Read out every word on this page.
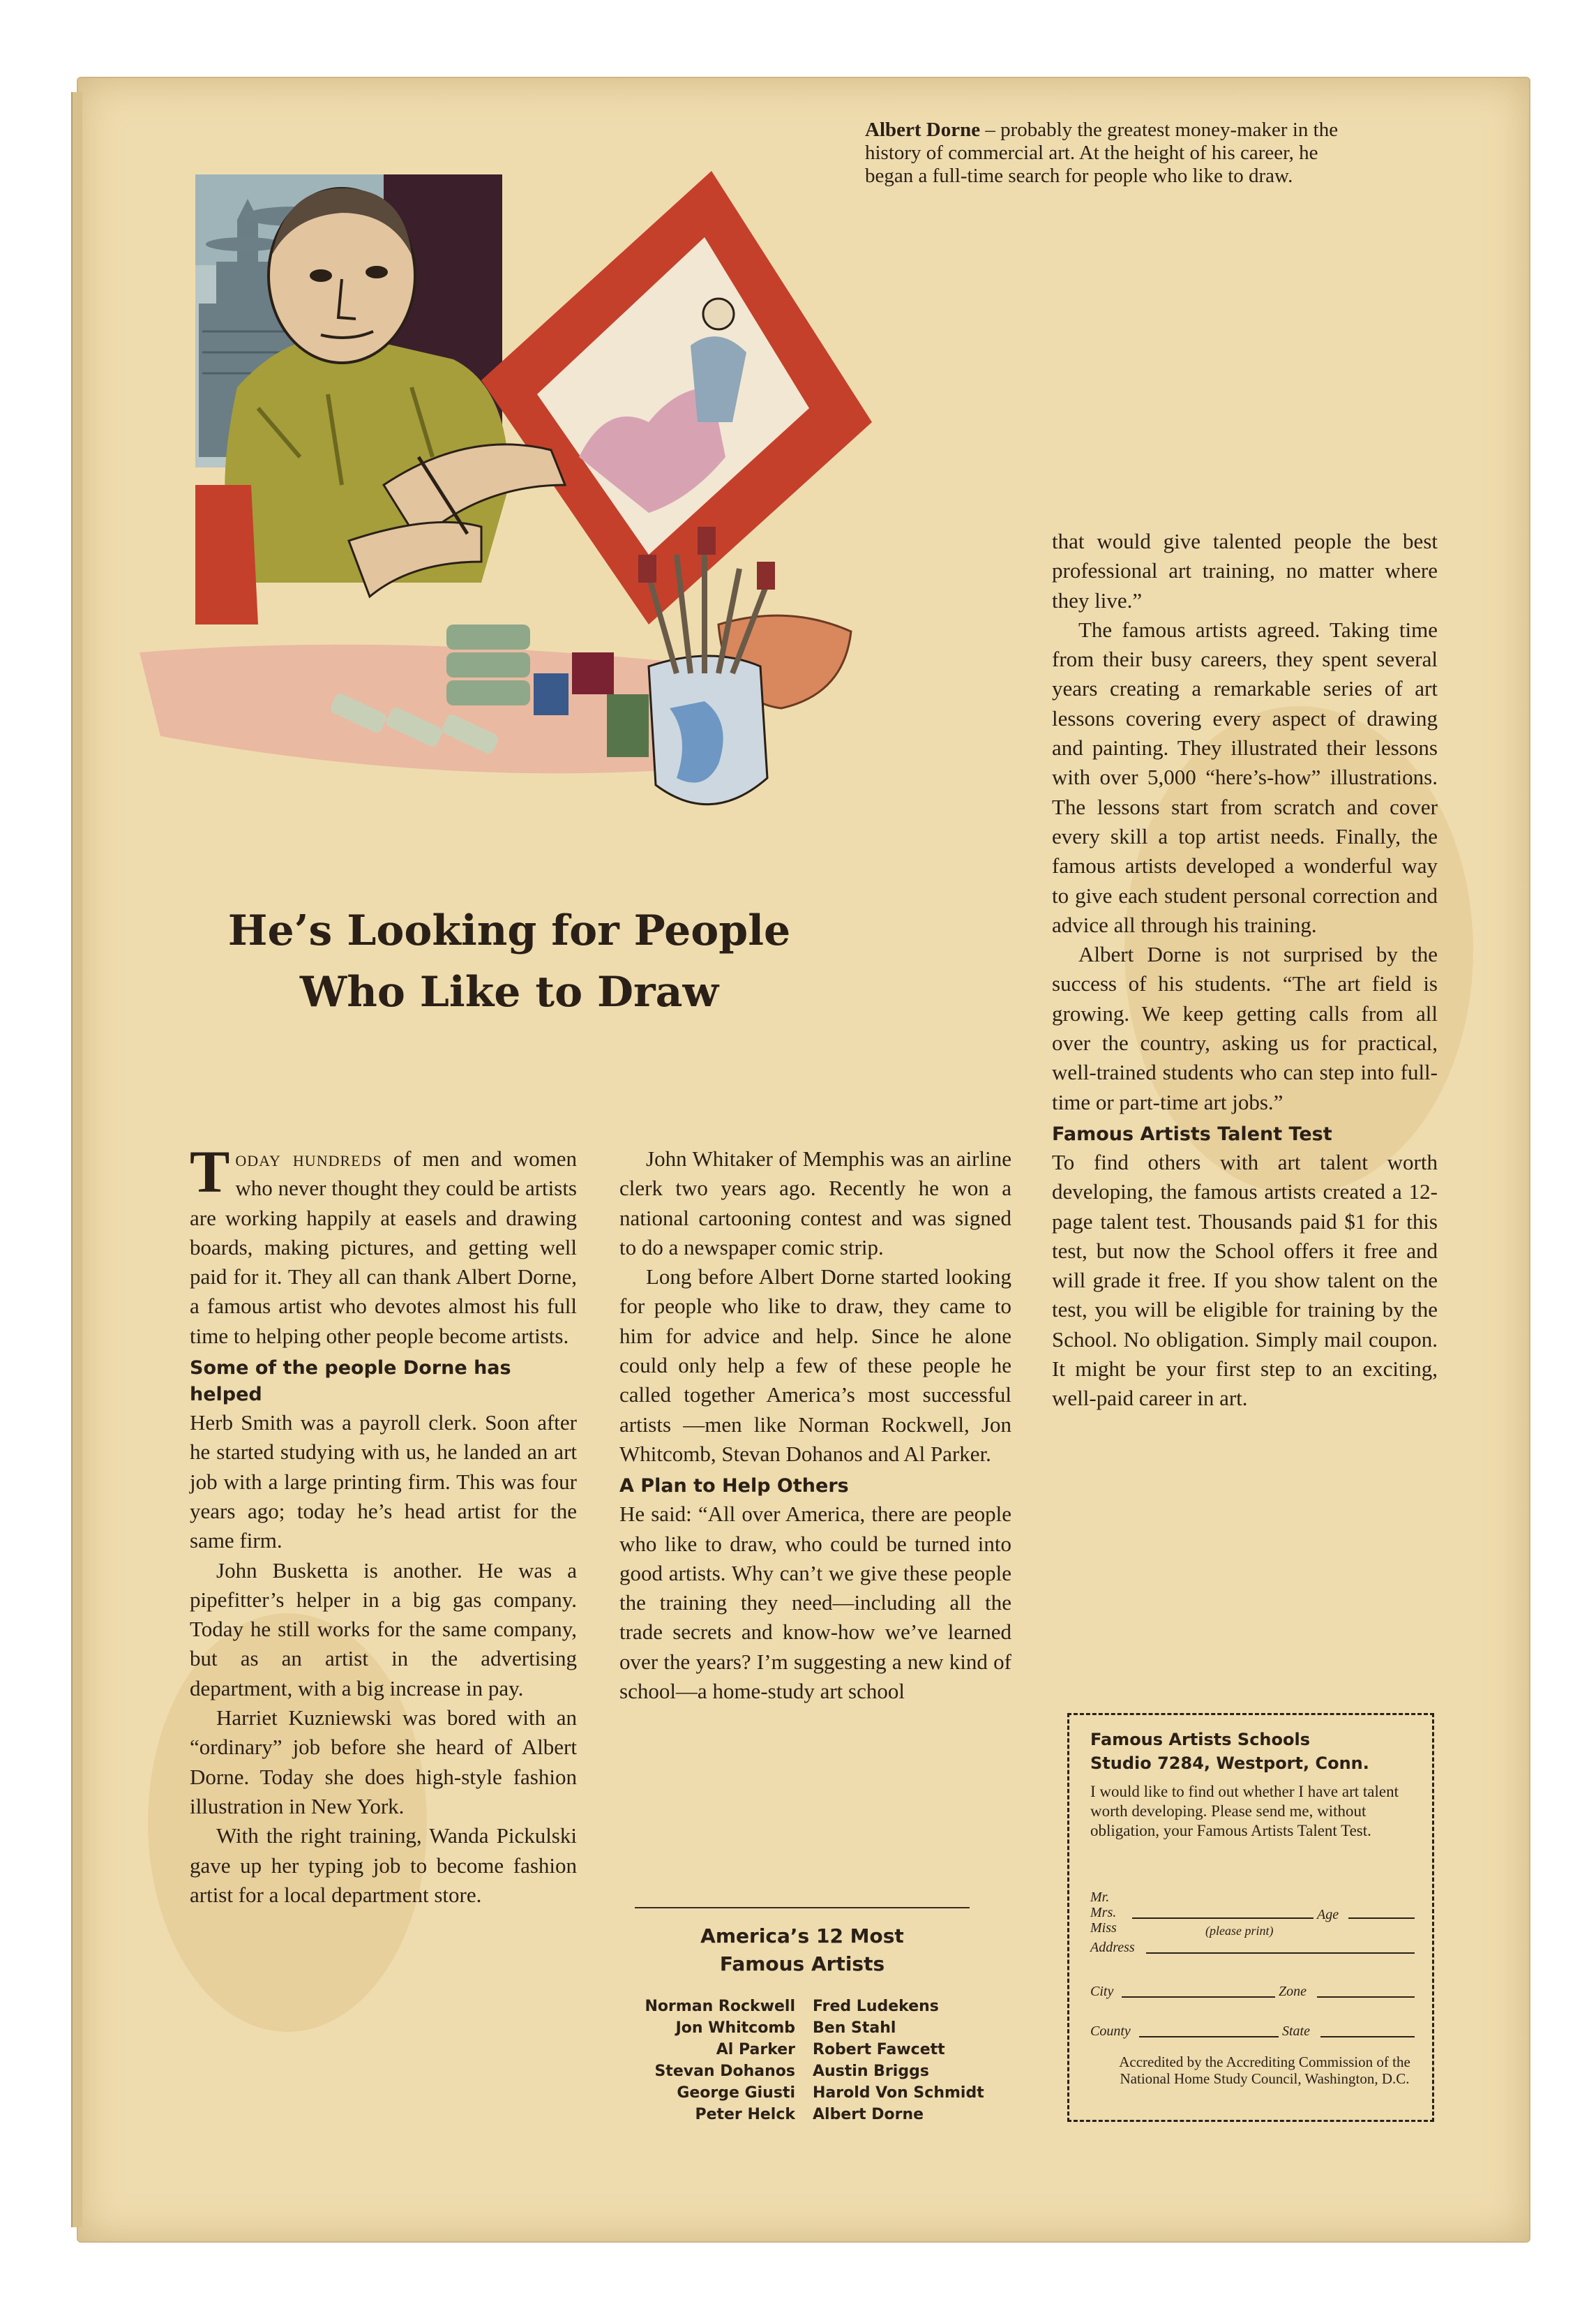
Albert Dorne – probably the greatest money-maker in the history of commercial art. At the height of his career, he began a full-time search for people who like to draw.
He’s Looking for People
Who Like to Draw

Today hundreds of men and women who never thought they could be artists are working happily at easels and drawing boards, making pictures, and getting well paid for it. They all can thank Albert Dorne, a famous artist who devotes almost his full time to helping other people become artists.

Some of the people Dorne has helped

Herb Smith was a payroll clerk. Soon after he started studying with us, he landed an art job with a large printing firm. This was four years ago; today he’s head artist for the same firm.

John Busketta is another. He was a pipefitter’s helper in a big gas company. Today he still works for the same company, but as an artist in the advertising department, with a big increase in pay.

Harriet Kuzniewski was bored with an “ordinary” job before she heard of Albert Dorne. Today she does high-style fashion illustration in New York.

With the right training, Wanda Pickulski gave up her typing job to become fashion artist for a local department store.

John Whitaker of Memphis was an airline clerk two years ago. Recently he won a national cartooning contest and was signed to do a newspaper comic strip.

Long before Albert Dorne started looking for people who like to draw, they came to him for advice and help. Since he alone could only help a few of these people he called together America’s most successful artists —men like Norman Rockwell, Jon Whitcomb, Stevan Dohanos and Al Parker.

A Plan to Help Others

He said: “All over America, there are people who like to draw, who could be turned into good artists. Why can’t we give these people the training they need—including all the trade secrets and know-how we’ve learned over the years? I’m suggesting a new kind of school—a home-study art school

America’s 12 Most
Famous Artists
Norman Rockwell
Jon Whitcomb
Al Parker
Stevan Dohanos
George Giusti
Peter Helck
Fred Ludekens
Ben Stahl
Robert Fawcett
Austin Briggs
Harold Von Schmidt
Albert Dorne

that would give talented people the best professional art training, no matter where they live.”

The famous artists agreed. Taking time from their busy careers, they spent several years creating a remarkable series of art lessons covering every aspect of drawing and painting. They illustrated their lessons with over 5,000 “here’s-how” illustrations. The lessons start from scratch and cover every skill a top artist needs. Finally, the famous artists developed a wonderful way to give each student personal correction and advice all through his training.

Albert Dorne is not surprised by the success of his students. “The art field is growing. We keep getting calls from all over the country, asking us for practical, well-trained students who can step into full-time or part-time art jobs.”

Famous Artists Talent Test

To find others with art talent worth developing, the famous artists created a 12-page talent test. Thousands paid $1 for this test, but now the School offers it free and will grade it free. If you show talent on the test, you will be eligible for training by the School. No obligation. Simply mail coupon. It might be your first step to an exciting, well-paid career in art.

Famous Artists Schools
Studio 7284, Westport, Conn.
I would like to find out whether I have art talent worth developing. Please send me, without obligation, your Famous Artists Talent Test.
Mr.
Mrs.
Miss
Age
(please print)
Address
City	Zone
County	State
Accredited by the Accrediting Commission of the National Home Study Council, Washington, D.C.
